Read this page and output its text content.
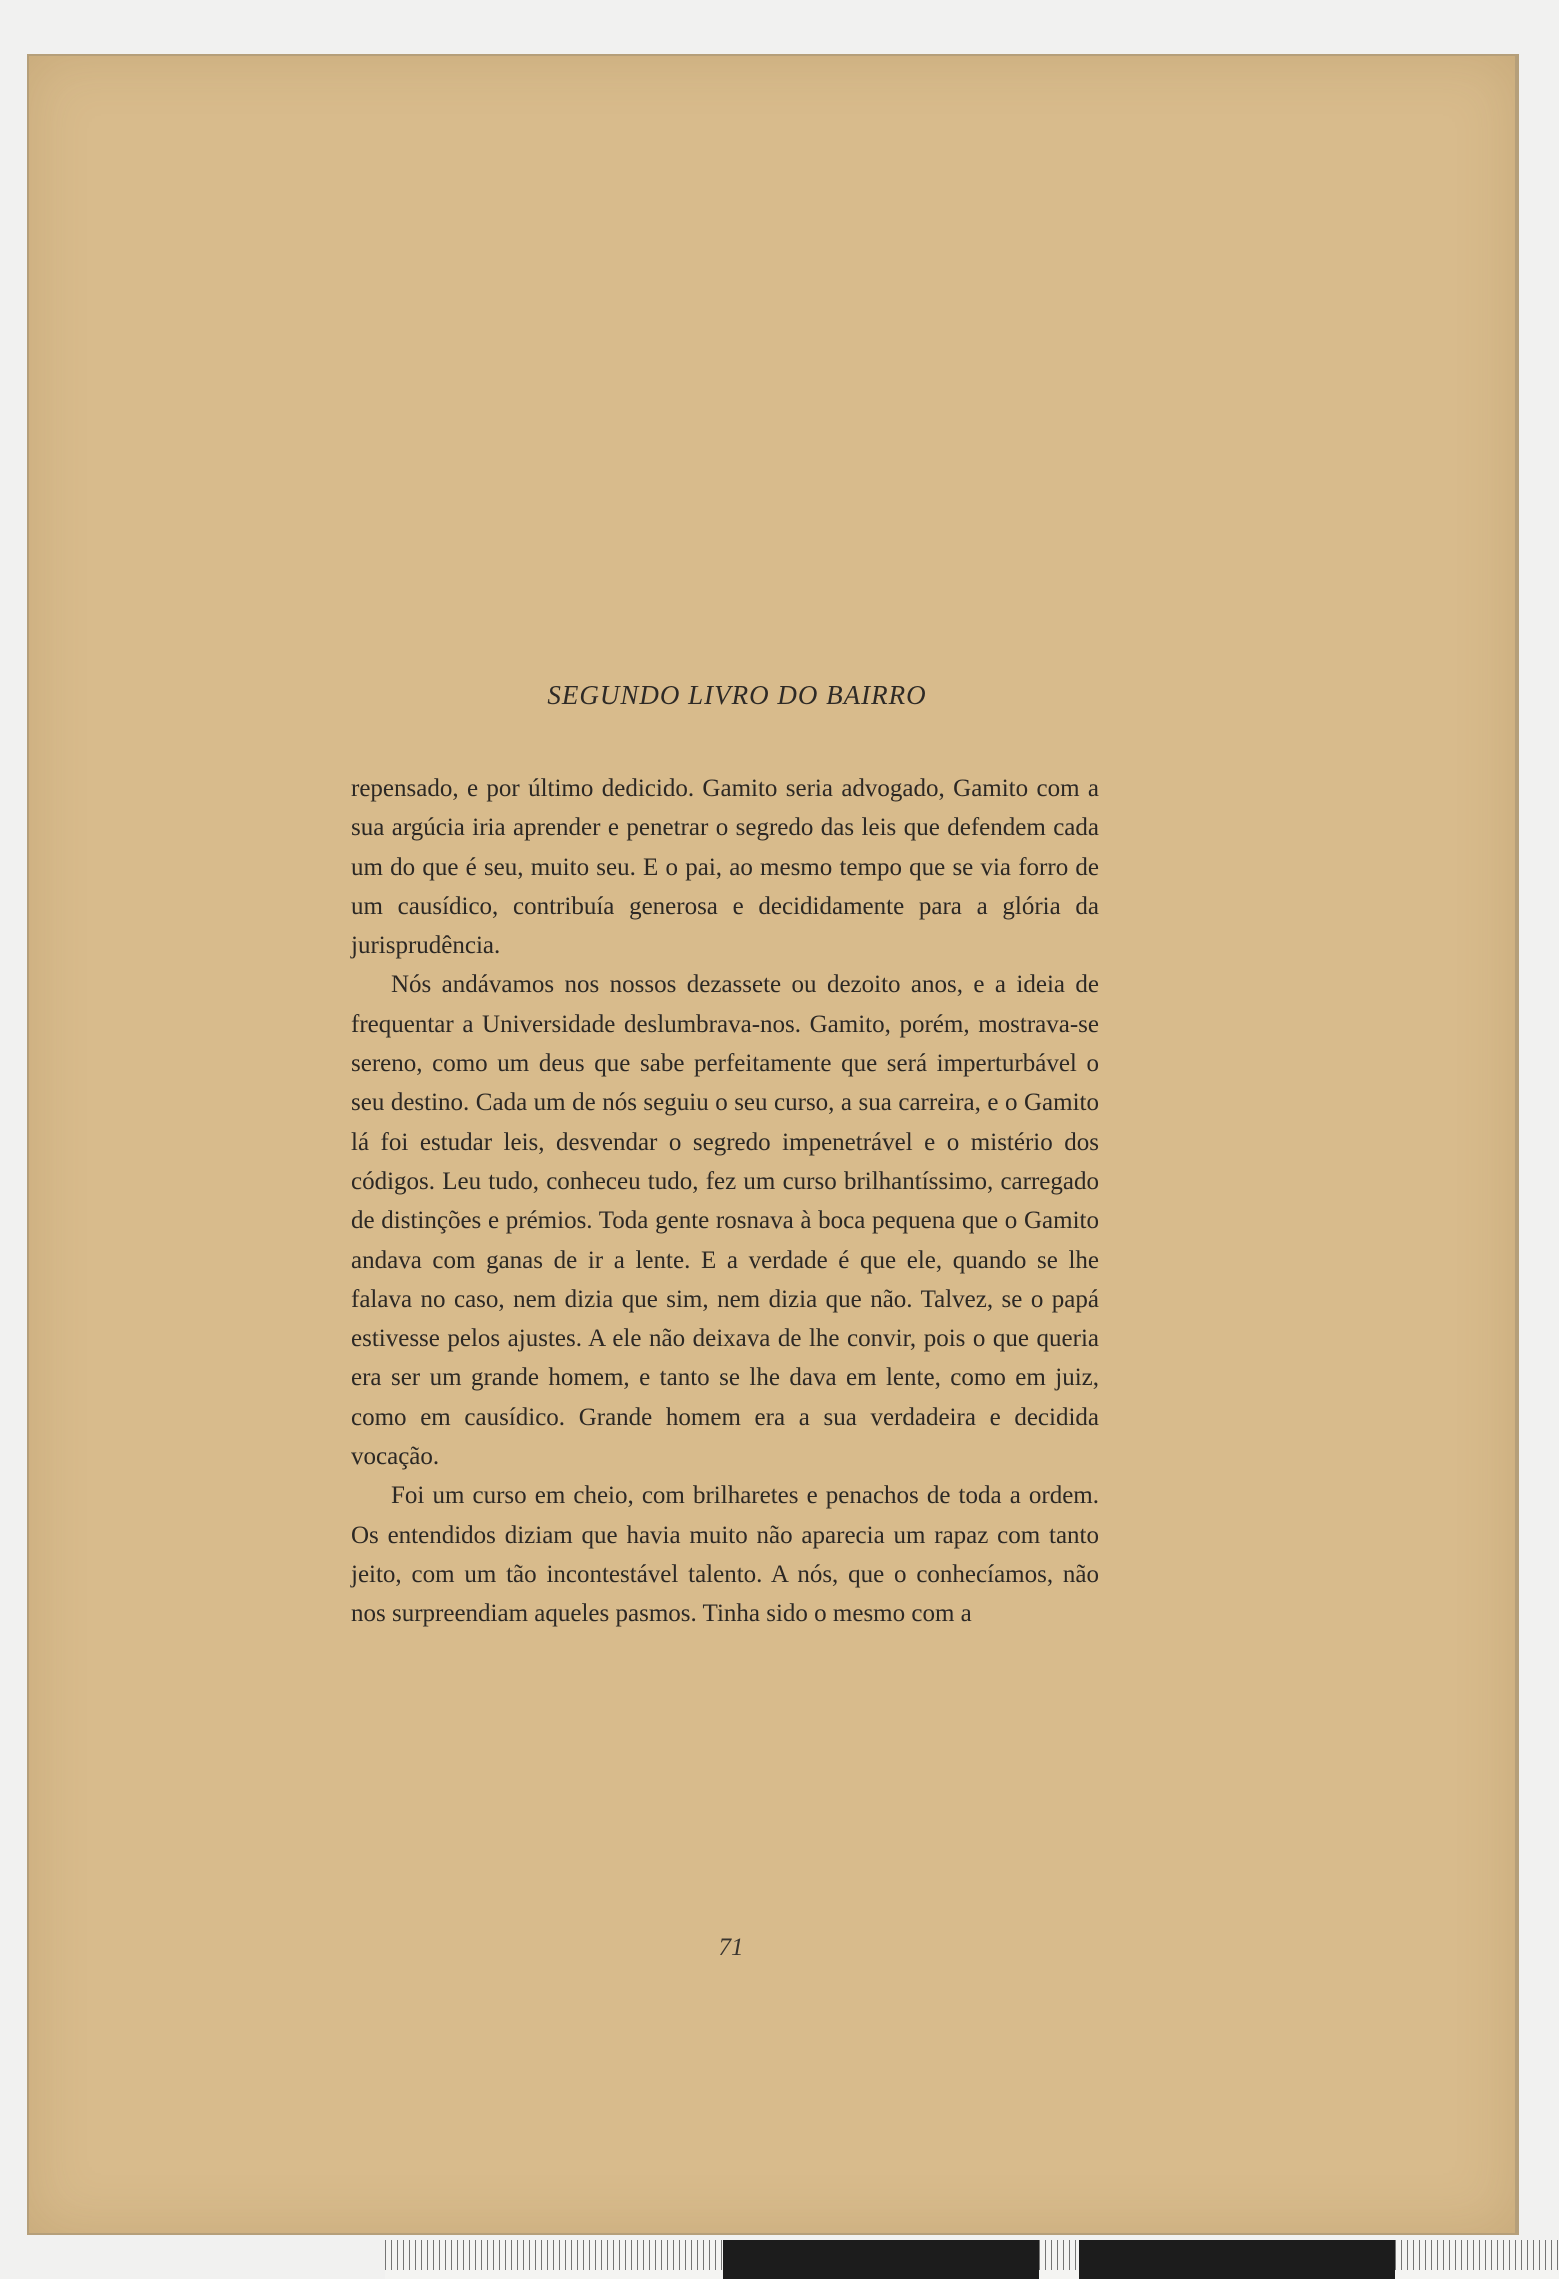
SEGUNDO LIVRO DO BAIRRO

repensado, e por último dedicido. Gamito seria advogado, Gamito com a sua argúcia iria aprender e penetrar o segredo das leis que defendem cada um do que é seu, muito seu. E o pai, ao mesmo tempo que se via forro de um causídico, contribuía generosa e decididamente para a glória da jurisprudência.

Nós andávamos nos nossos dezassete ou dezoito anos, e a ideia de frequentar a Universidade deslumbrava-nos. Gamito, porém, mostrava-se sereno, como um deus que sabe perfeitamente que será imperturbável o seu destino. Cada um de nós seguiu o seu curso, a sua carreira, e o Gamito lá foi estudar leis, desvendar o segredo impenetrável e o mistério dos códigos. Leu tudo, conheceu tudo, fez um curso brilhantíssimo, carregado de distinções e prémios. Toda gente rosnava à boca pequena que o Gamito andava com ganas de ir a lente. E a verdade é que ele, quando se lhe falava no caso, nem dizia que sim, nem dizia que não. Talvez, se o papá estivesse pelos ajustes. A ele não deixava de lhe convir, pois o que queria era ser um grande homem, e tanto se lhe dava em lente, como em juiz, como em causídico. Grande homem era a sua verdadeira e decidida vocação.

Foi um curso em cheio, com brilharetes e penachos de toda a ordem. Os entendidos diziam que havia muito não aparecia um rapaz com tanto jeito, com um tão incontestável talento. A nós, que o conhecíamos, não nos surpreendiam aqueles pasmos. Tinha sido o mesmo com a

71
